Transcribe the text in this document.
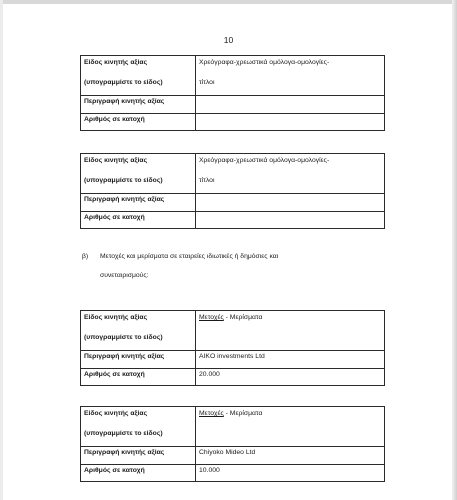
10
Είδος κινητής αξίας	Χρεόγραφα-χρεωστικά ομόλογα-ομολογίες-
(υπογραμμίστε το είδος)	τίτλοι
Περιγραφή κινητής αξίας	
Αριθμός σε κατοχή	
Είδος κινητής αξίας	Χρεόγραφα-χρεωστικά ομόλογα-ομολογίες-
(υπογραμμίστε το είδος)	τίτλοι
Περιγραφή κινητής αξίας	
Αριθμός σε κατοχή	
β) Μετοχές και μερίσματα σε εταιρείες ιδιωτικές ή δημόσιες και
συνεταιρισμούς:
Είδος κινητής αξίας	Μετοχές - Μερίσματα
(υπογραμμίστε το είδος)	
Περιγραφή κινητής αξίας	AIKO investments Ltd
Αριθμός σε κατοχή	20.000
Είδος κινητής αξίας	Μετοχές - Μερίσματα
(υπογραμμίστε το είδος)	
Περιγραφή κινητής αξίας	Chiyoko Mideo Ltd
Αριθμός σε κατοχή	10.000
